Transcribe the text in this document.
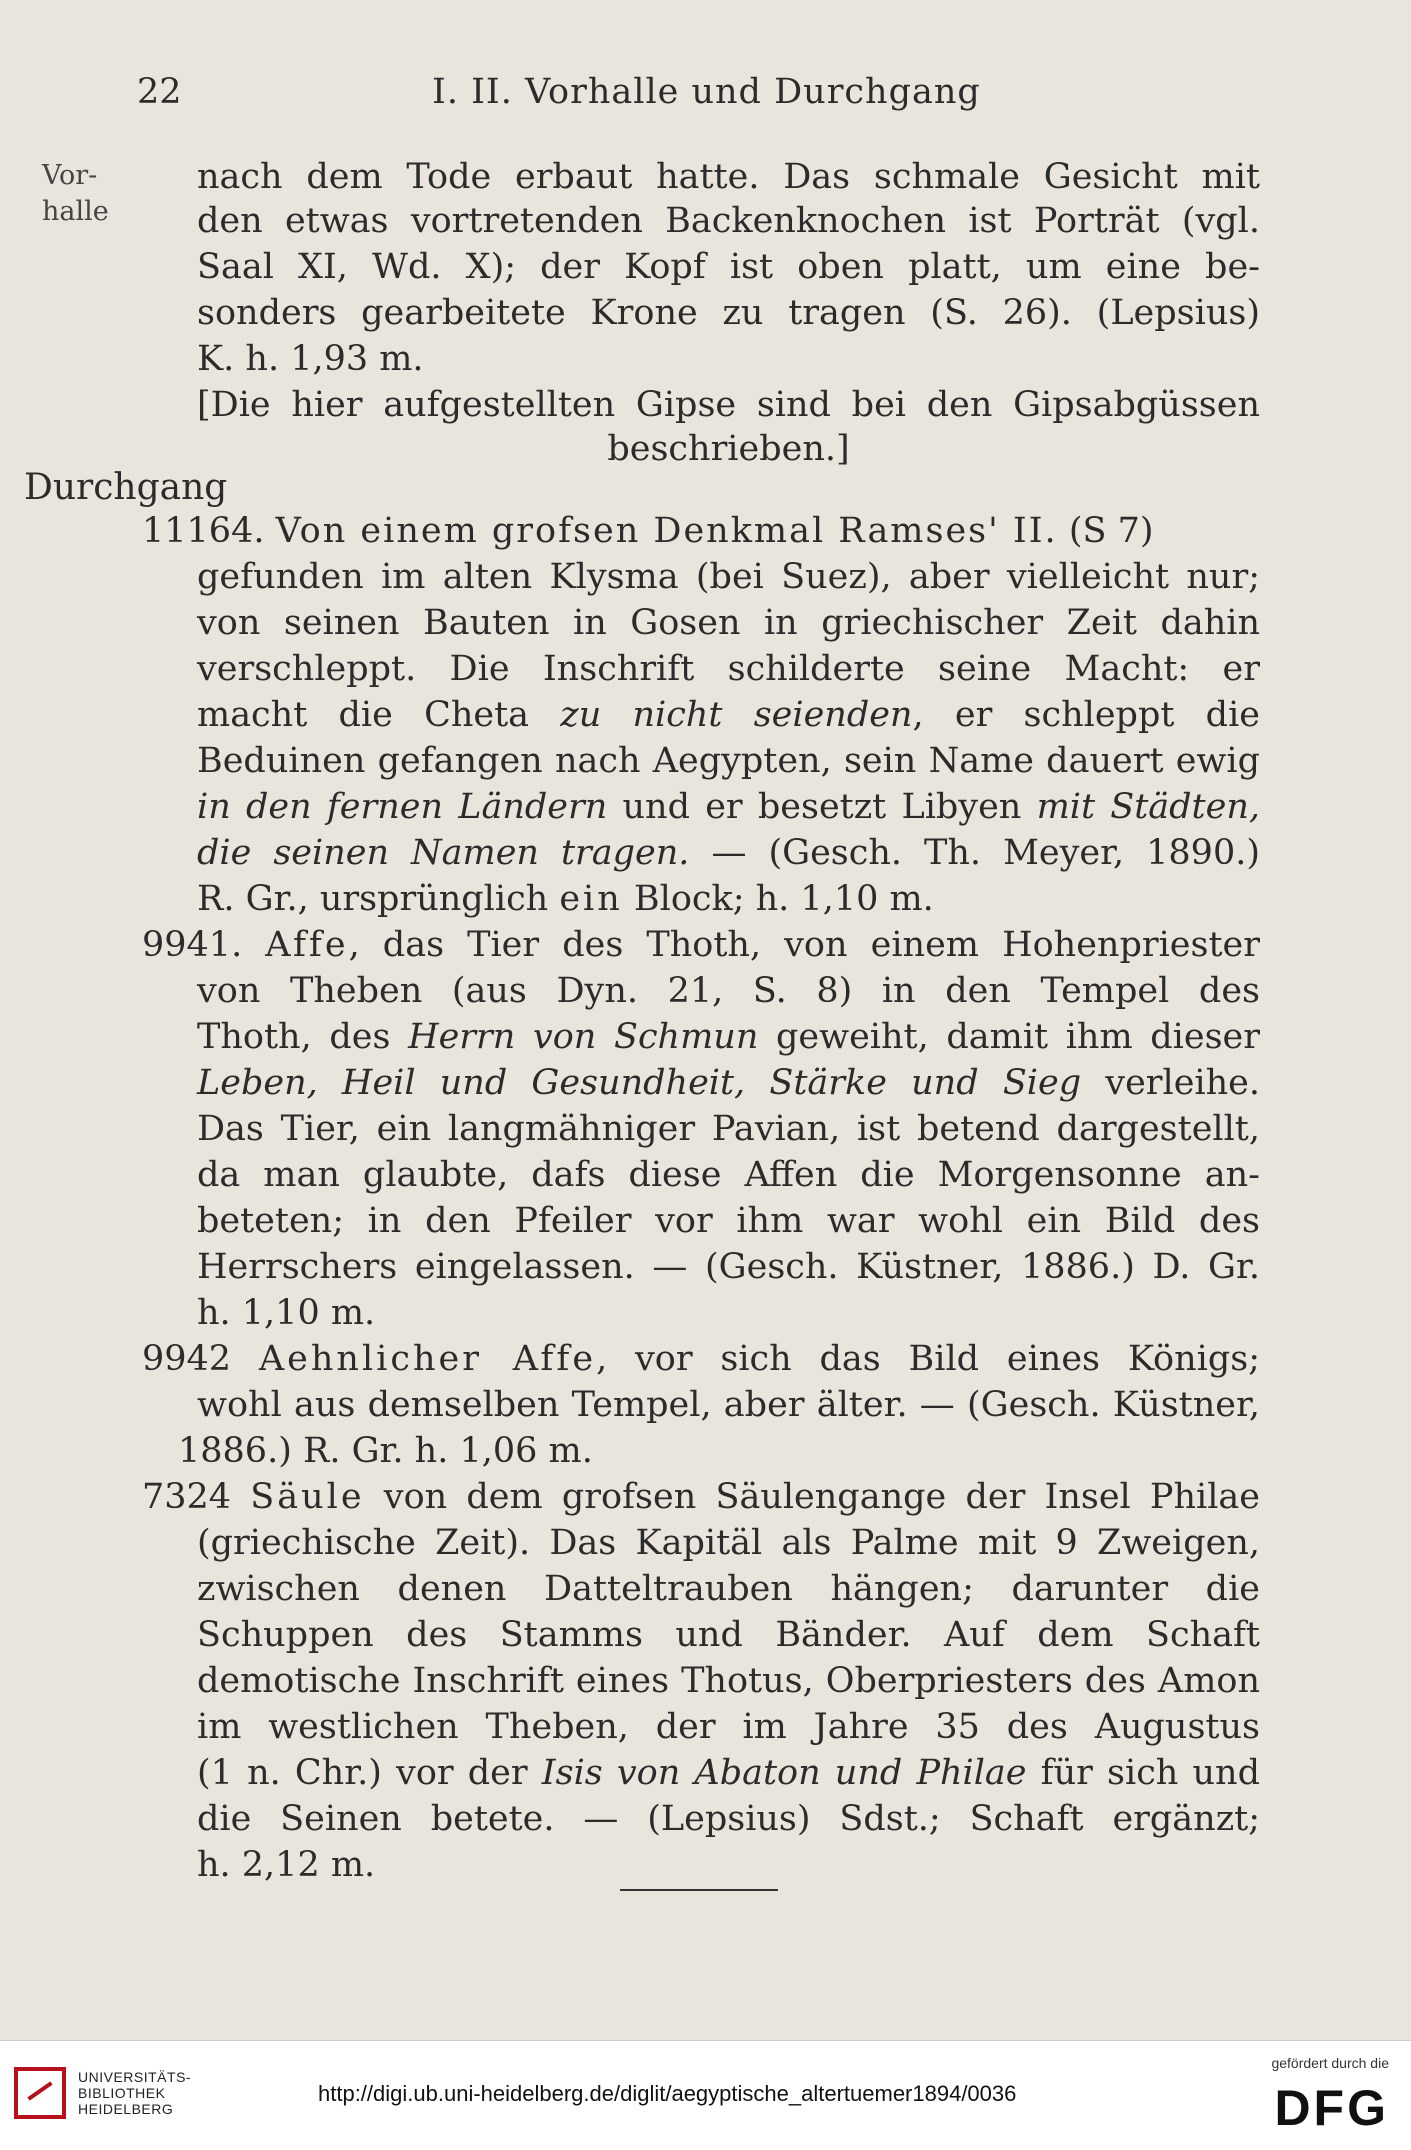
22	I. II. Vorhalle und Durchgang
Vor-
halle
nach dem Tode erbaut hatte. Das schmale Gesicht mit
den etwas vortretenden Backenknochen ist Porträt (vgl.
Saal XI, Wd. X); der Kopf ist oben platt, um eine be-
sonders gearbeitete Krone zu tragen (S. 26). (Lepsius)
K. h. 1,93 m.
[Die hier aufgestellten Gipse sind bei den Gipsabgüssen
beschrieben.]
Durchgang
11164. Von einem grofsen Denkmal Ramses' II. (S 7)
gefunden im alten Klysma (bei Suez), aber vielleicht nur;
von seinen Bauten in Gosen in griechischer Zeit dahin
verschleppt. Die Inschrift schilderte seine Macht: er
macht die Cheta zu nicht seienden, er schleppt die
Beduinen gefangen nach Aegypten, sein Name dauert ewig
in den fernen Ländern und er besetzt Libyen mit Städten,
die seinen Namen tragen. — (Gesch. Th. Meyer, 1890.)
R. Gr., ursprünglich ein Block; h. 1,10 m.
9941. Affe, das Tier des Thoth, von einem Hohenpriester
von Theben (aus Dyn. 21, S. 8) in den Tempel des
Thoth, des Herrn von Schmun geweiht, damit ihm dieser
Leben, Heil und Gesundheit, Stärke und Sieg verleihe.
Das Tier, ein langmähniger Pavian, ist betend dargestellt,
da man glaubte, dafs diese Affen die Morgensonne an-
beteten; in den Pfeiler vor ihm war wohl ein Bild des
Herrschers eingelassen. — (Gesch. Küstner, 1886.) D. Gr.
h. 1,10 m.
9942 Aehnlicher Affe, vor sich das Bild eines Königs;
wohl aus demselben Tempel, aber älter. — (Gesch. Küstner,
1886.) R. Gr. h. 1,06 m.
7324 Säule von dem grofsen Säulengange der Insel Philae
(griechische Zeit). Das Kapitäl als Palme mit 9 Zweigen,
zwischen denen Datteltrauben hängen; darunter die
Schuppen des Stamms und Bänder. Auf dem Schaft
demotische Inschrift eines Thotus, Oberpriesters des Amon
im westlichen Theben, der im Jahre 35 des Augustus
(1 n. Chr.) vor der Isis von Abaton und Philae für sich und
die Seinen betete. — (Lepsius) Sdst.; Schaft ergänzt;
h. 2,12 m.
UNIVERSITÄTS-
BIBLIOTHEK
HEIDELBERG
http://digi.ub.uni-heidelberg.de/diglit/aegyptische_altertuemer1894/0036
gefördert durch die
DFG
